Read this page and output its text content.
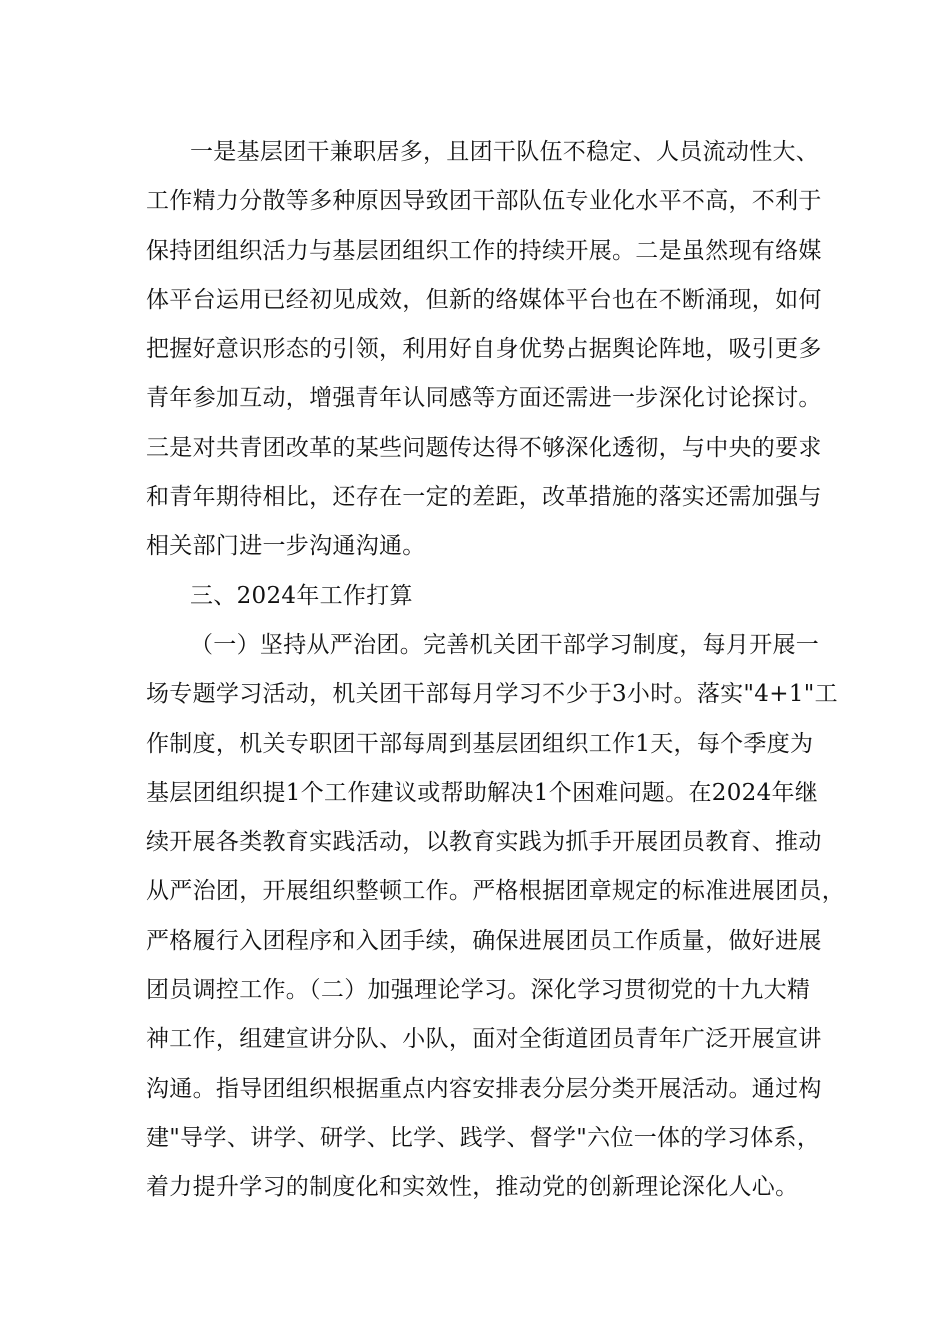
一是基层团干兼职居多，且团干队伍不稳定、人员流动性大、
工作精力分散等多种原因导致团干部队伍专业化水平不高，不利于
保持团组织活力与基层团组织工作的持续开展。二是虽然现有络媒
体平台运用已经初见成效，但新的络媒体平台也在不断涌现，如何
把握好意识形态的引领，利用好自身优势占据舆论阵地，吸引更多
青年参加互动，增强青年认同感等方面还需进一步深化讨论探讨。
三是对共青团改革的某些问题传达得不够深化透彻，与中央的要求
和青年期待相比，还存在一定的差距，改革措施的落实还需加强与
相关部门进一步沟通沟通。
三、2024年工作打算
（一）坚持从严治团。完善机关团干部学习制度，每月开展一
场专题学习活动，机关团干部每月学习不少于3小时。落实"4+1"工
作制度，机关专职团干部每周到基层团组织工作1天，每个季度为
基层团组织提1个工作建议或帮助解决1个困难问题。在2024年继
续开展各类教育实践活动，以教育实践为抓手开展团员教育、推动
从严治团，开展组织整顿工作。严格根据团章规定的标准进展团员，
严格履行入团程序和入团手续，确保进展团员工作质量，做好进展
团员调控工作。（二）加强理论学习。深化学习贯彻党的十九大精
神工作，组建宣讲分队、小队，面对全街道团员青年广泛开展宣讲
沟通。指导团组织根据重点内容安排表分层分类开展活动。通过构
建"导学、讲学、研学、比学、践学、督学"六位一体的学习体系，
着力提升学习的制度化和实效性，推动党的创新理论深化人心。
